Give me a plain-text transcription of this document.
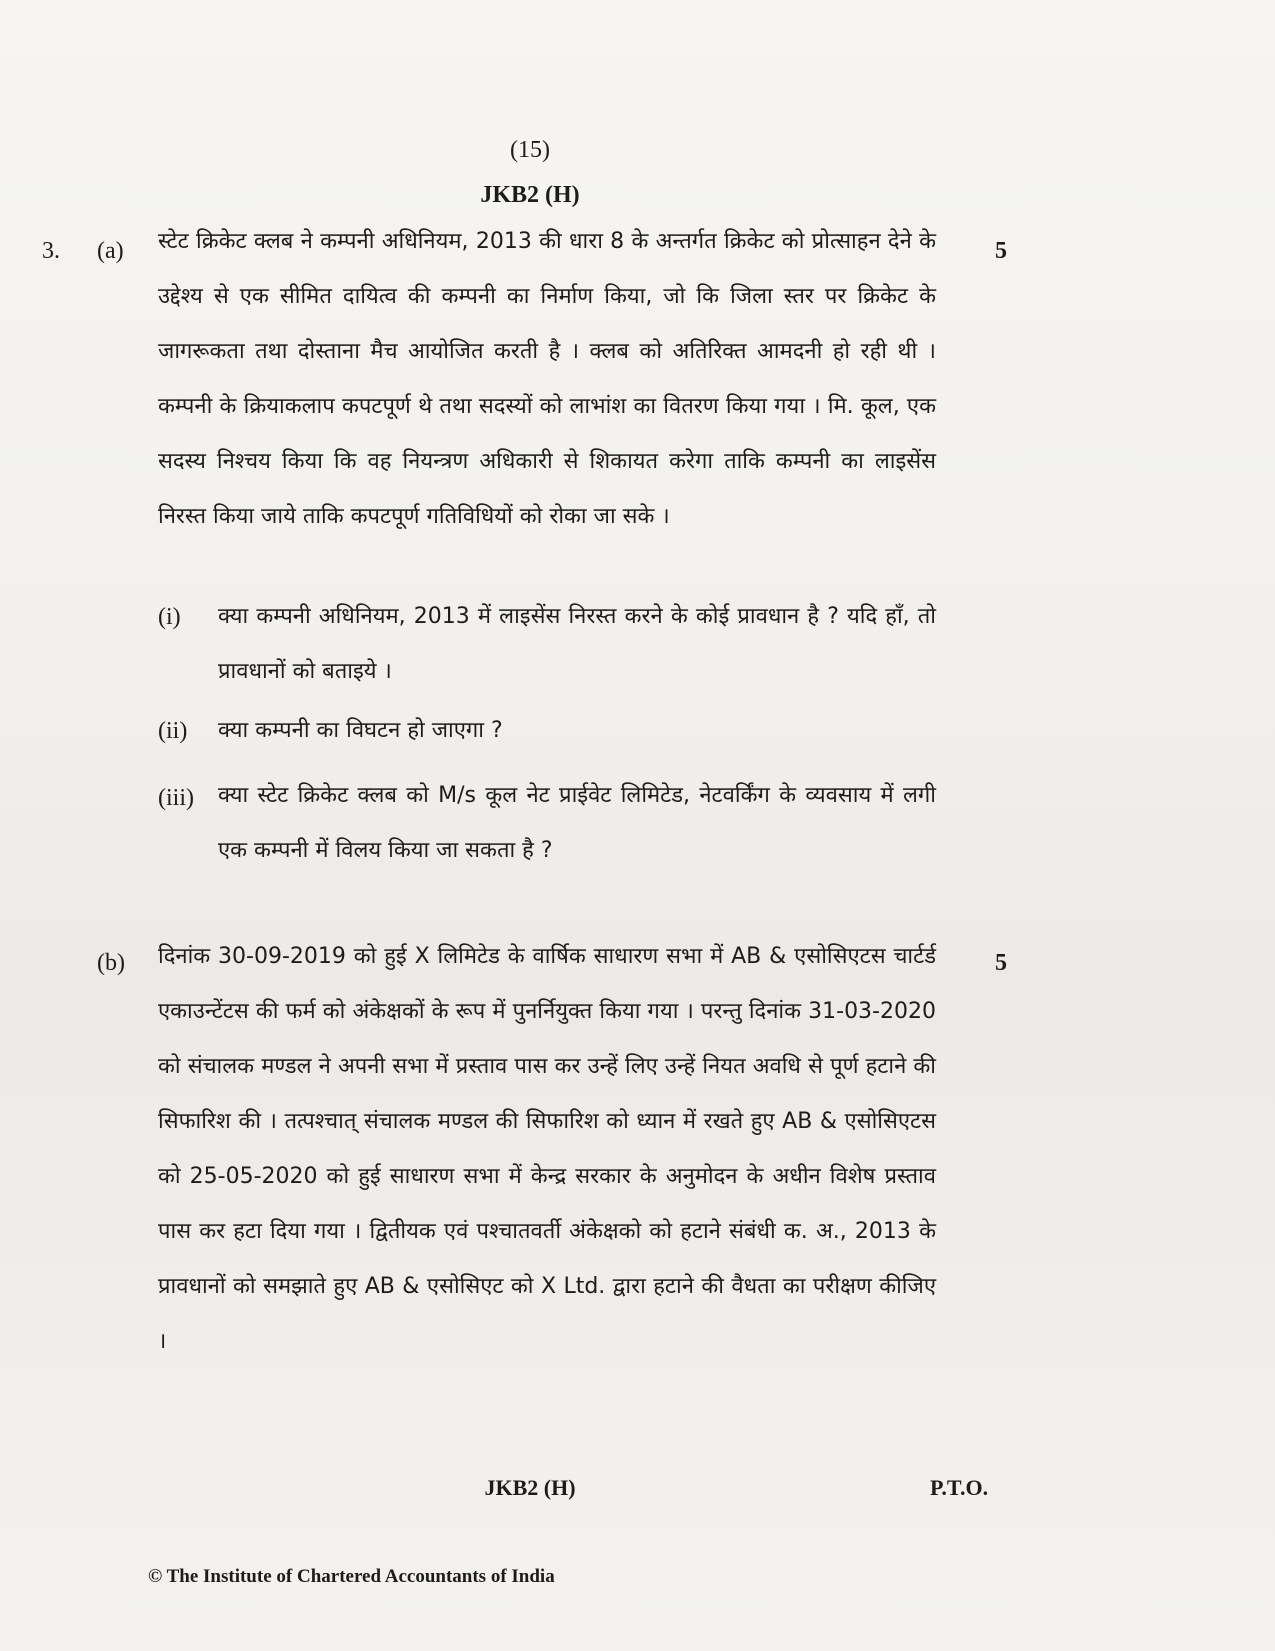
(15)
JKB2 (H)
3. (a)	5

स्टेट क्रिकेट क्लब ने कम्पनी अधिनियम, 2013 की धारा 8 के अन्तर्गत क्रिकेट को प्रोत्साहन देने के उद्देश्य से एक सीमित दायित्व की कम्पनी का निर्माण किया, जो कि जिला स्तर पर क्रिकेट के जागरूकता तथा दोस्ताना मैच आयोजित करती है । क्लब को अतिरिक्त आमदनी हो रही थी । कम्पनी के क्रियाकलाप कपटपूर्ण थे तथा सदस्यों को लाभांश का वितरण किया गया । मि. कूल, एक सदस्य निश्चय किया कि वह नियन्त्रण अधिकारी से शिकायत करेगा ताकि कम्पनी का लाइसेंस निरस्त किया जाये ताकि कपटपूर्ण गतिविधियों को रोका जा सके ।

(i) क्या कम्पनी अधिनियम, 2013 में लाइसेंस निरस्त करने के कोई प्रावधान है ? यदि हाँ, तो प्रावधानों को बताइये ।

(ii) क्या कम्पनी का विघटन हो जाएगा ?

(iii) क्या स्टेट क्रिकेट क्लब को M/s कूल नेट प्राईवेट लिमिटेड, नेटवर्किंग के व्यवसाय में लगी एक कम्पनी में विलय किया जा सकता है ?

(b)	5

दिनांक 30-09-2019 को हुई X लिमिटेड के वार्षिक साधारण सभा में AB & एसोसिएटस चार्टर्ड एकाउन्टेंटस की फर्म को अंकेक्षकों के रूप में पुनर्नियुक्त किया गया । परन्तु दिनांक 31-03-2020 को संचालक मण्डल ने अपनी सभा में प्रस्ताव पास कर उन्हें लिए उन्हें नियत अवधि से पूर्ण हटाने की सिफारिश की । तत्पश्चात् संचालक मण्डल की सिफारिश को ध्यान में रखते हुए AB & एसोसिएटस को 25-05-2020 को हुई साधारण सभा में केन्द्र सरकार के अनुमोदन के अधीन विशेष प्रस्ताव पास कर हटा दिया गया । द्वितीयक एवं पश्चातवर्ती अंकेक्षको को हटाने संबंधी क. अ., 2013 के प्रावधानों को समझाते हुए AB & एसोसिएट को X Ltd. द्वारा हटाने की वैधता का परीक्षण कीजिए ।

JKB2 (H)	P.T.O.
© The Institute of Chartered Accountants of India
